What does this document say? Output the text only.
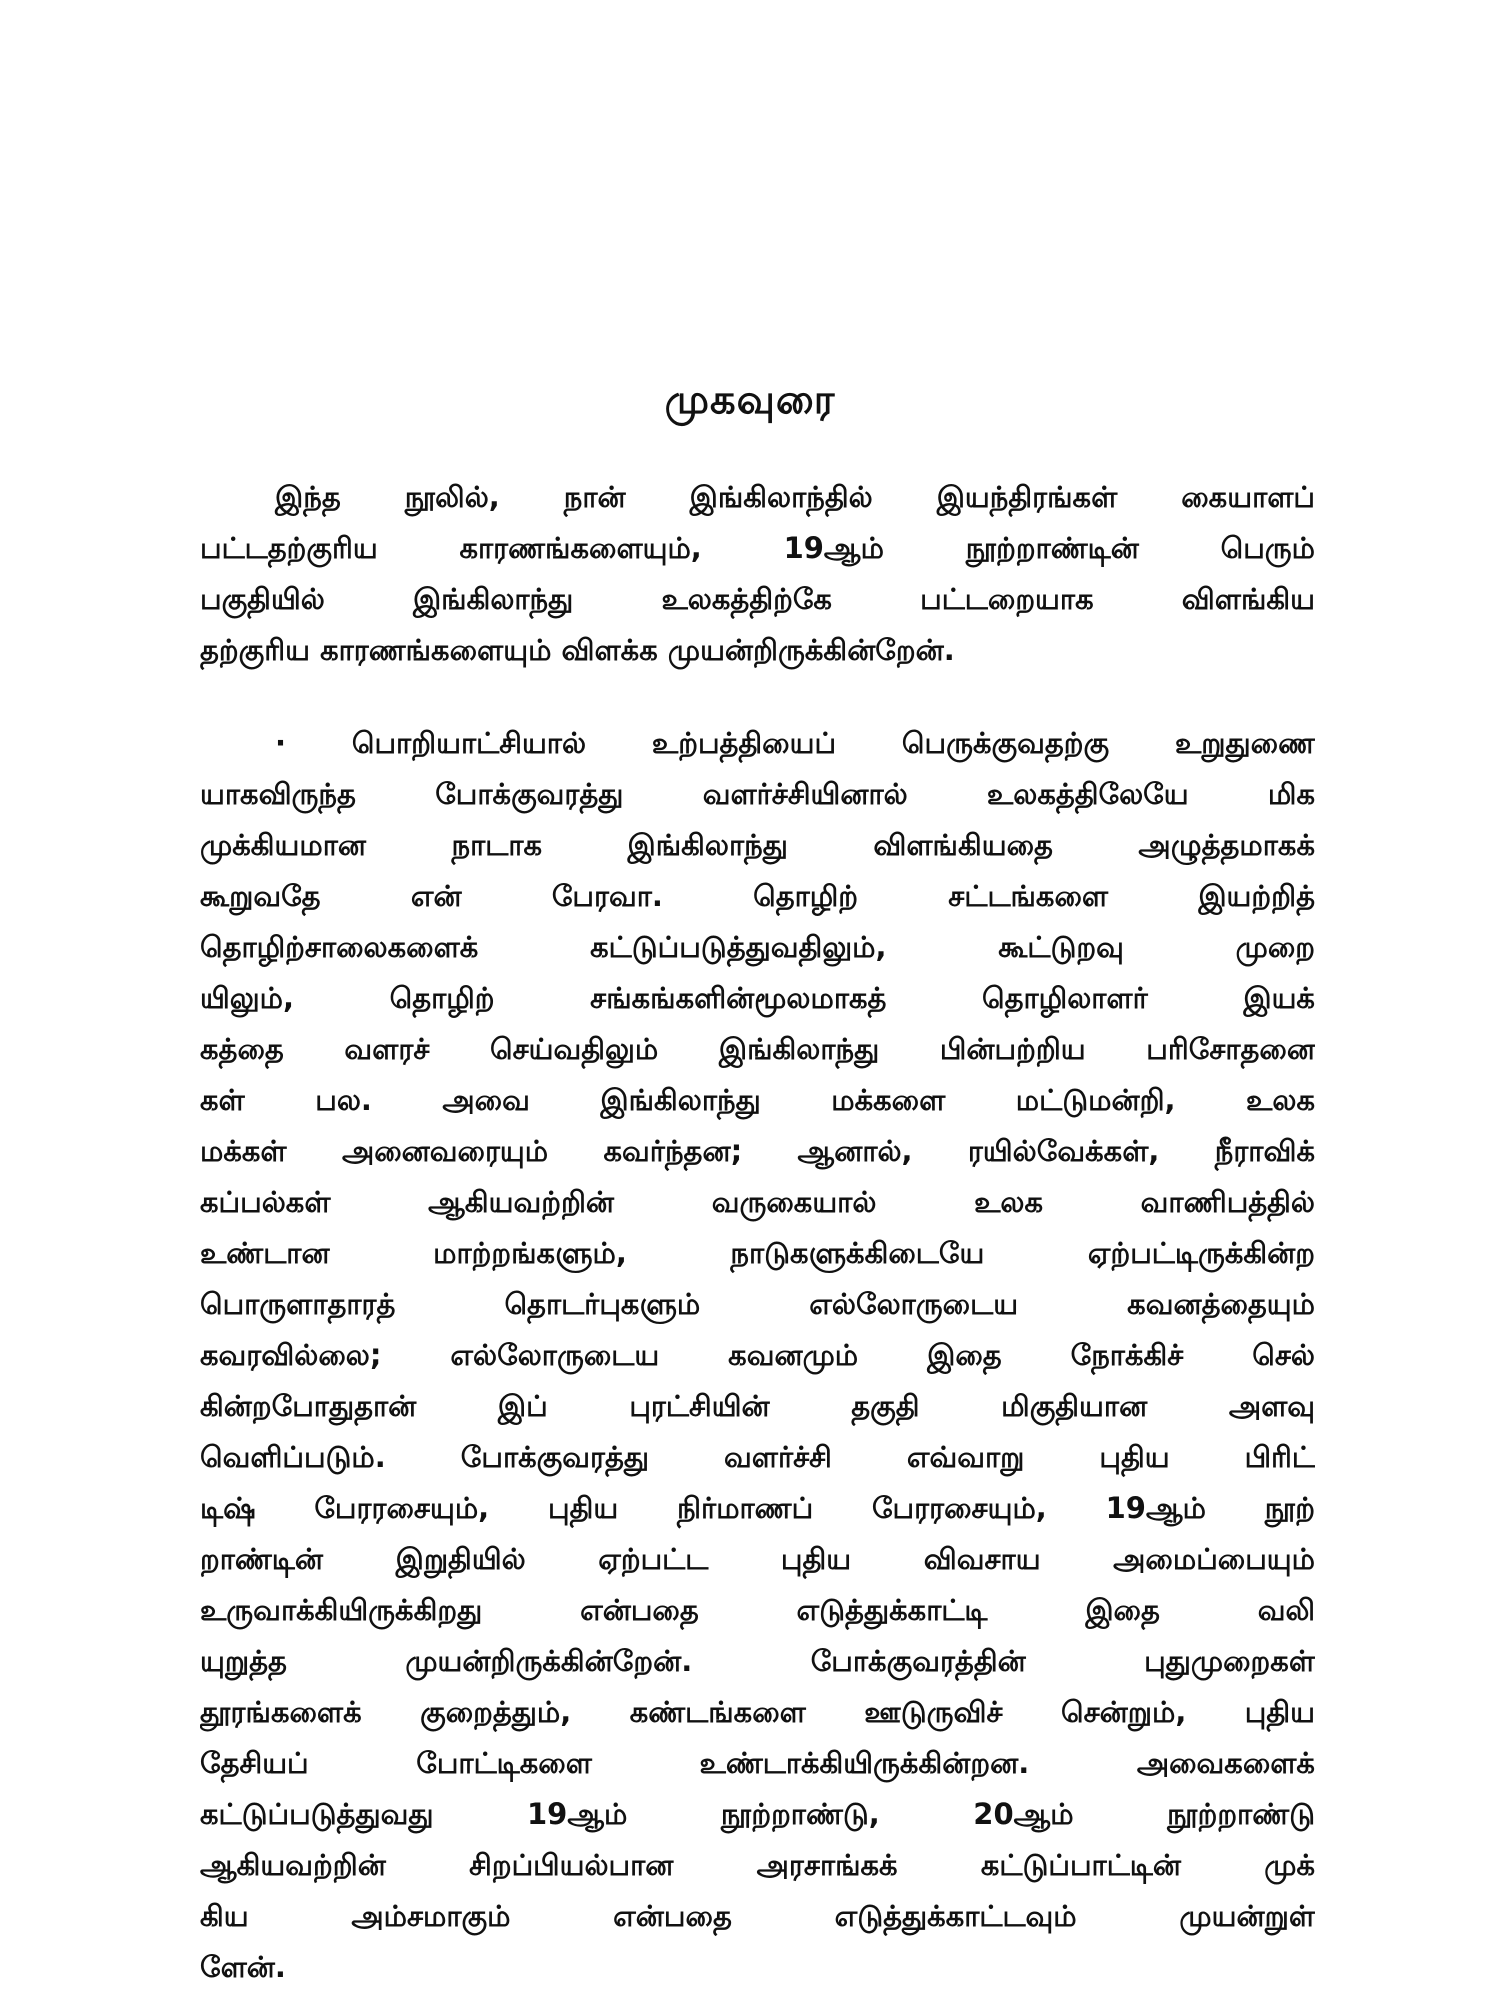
முகவுரை
இந்த நூலில், நான் இங்கிலாந்தில் இயந்திரங்கள் கையாளப்
பட்டதற்குரிய காரணங்களையும், 19ஆம் நூற்றாண்டின் பெரும்
பகுதியில் இங்கிலாந்து உலகத்திற்கே பட்டறையாக விளங்கிய
தற்குரிய காரணங்களையும் விளக்க முயன்றிருக்கின்றேன்.
· பொறியாட்சியால் உற்பத்தியைப் பெருக்குவதற்கு உறுதுணை
யாகவிருந்த போக்குவரத்து வளர்ச்சியினால் உலகத்திலேயே மிக
முக்கியமான நாடாக இங்கிலாந்து விளங்கியதை அழுத்தமாகக்
கூறுவதே என் பேரவா. தொழிற் சட்டங்களை இயற்றித்
தொழிற்சாலைகளைக் கட்டுப்படுத்துவதிலும், கூட்டுறவு முறை
யிலும், தொழிற் சங்கங்களின்மூலமாகத் தொழிலாளர் இயக்
கத்தை வளரச் செய்வதிலும் இங்கிலாந்து பின்பற்றிய பரிசோதனை
கள் பல. அவை இங்கிலாந்து மக்களை மட்டுமன்றி, உலக
மக்கள் அனைவரையும் கவர்ந்தன; ஆனால், ரயில்வேக்கள், நீராவிக்
கப்பல்கள் ஆகியவற்றின் வருகையால் உலக வாணிபத்தில்
உண்டான மாற்றங்களும், நாடுகளுக்கிடையே ஏற்பட்டிருக்கின்ற
பொருளாதாரத் தொடர்புகளும் எல்லோருடைய கவனத்தையும்
கவரவில்லை; எல்லோருடைய கவனமும் இதை நோக்கிச் செல்
கின்றபோதுதான் இப் புரட்சியின் தகுதி மிகுதியான அளவு
வெளிப்படும். போக்குவரத்து வளர்ச்சி எவ்வாறு புதிய பிரிட்
டிஷ் பேரரசையும், புதிய நிர்மாணப் பேரரசையும், 19ஆம் நூற்
றாண்டின் இறுதியில் ஏற்பட்ட புதிய விவசாய அமைப்பையும்
உருவாக்கியிருக்கிறது என்பதை எடுத்துக்காட்டி இதை வலி
யுறுத்த முயன்றிருக்கின்றேன். போக்குவரத்தின் புதுமுறைகள்
தூரங்களைக் குறைத்தும், கண்டங்களை ஊடுருவிச் சென்றும், புதிய
தேசியப் போட்டிகளை உண்டாக்கியிருக்கின்றன. அவைகளைக்
கட்டுப்படுத்துவது 19ஆம் நூற்றாண்டு, 20ஆம் நூற்றாண்டு
ஆகியவற்றின் சிறப்பியல்பான அரசாங்கக் கட்டுப்பாட்டின் முக்
கிய அம்சமாகும் என்பதை எடுத்துக்காட்டவும் முயன்றுள்
ளேன்.
